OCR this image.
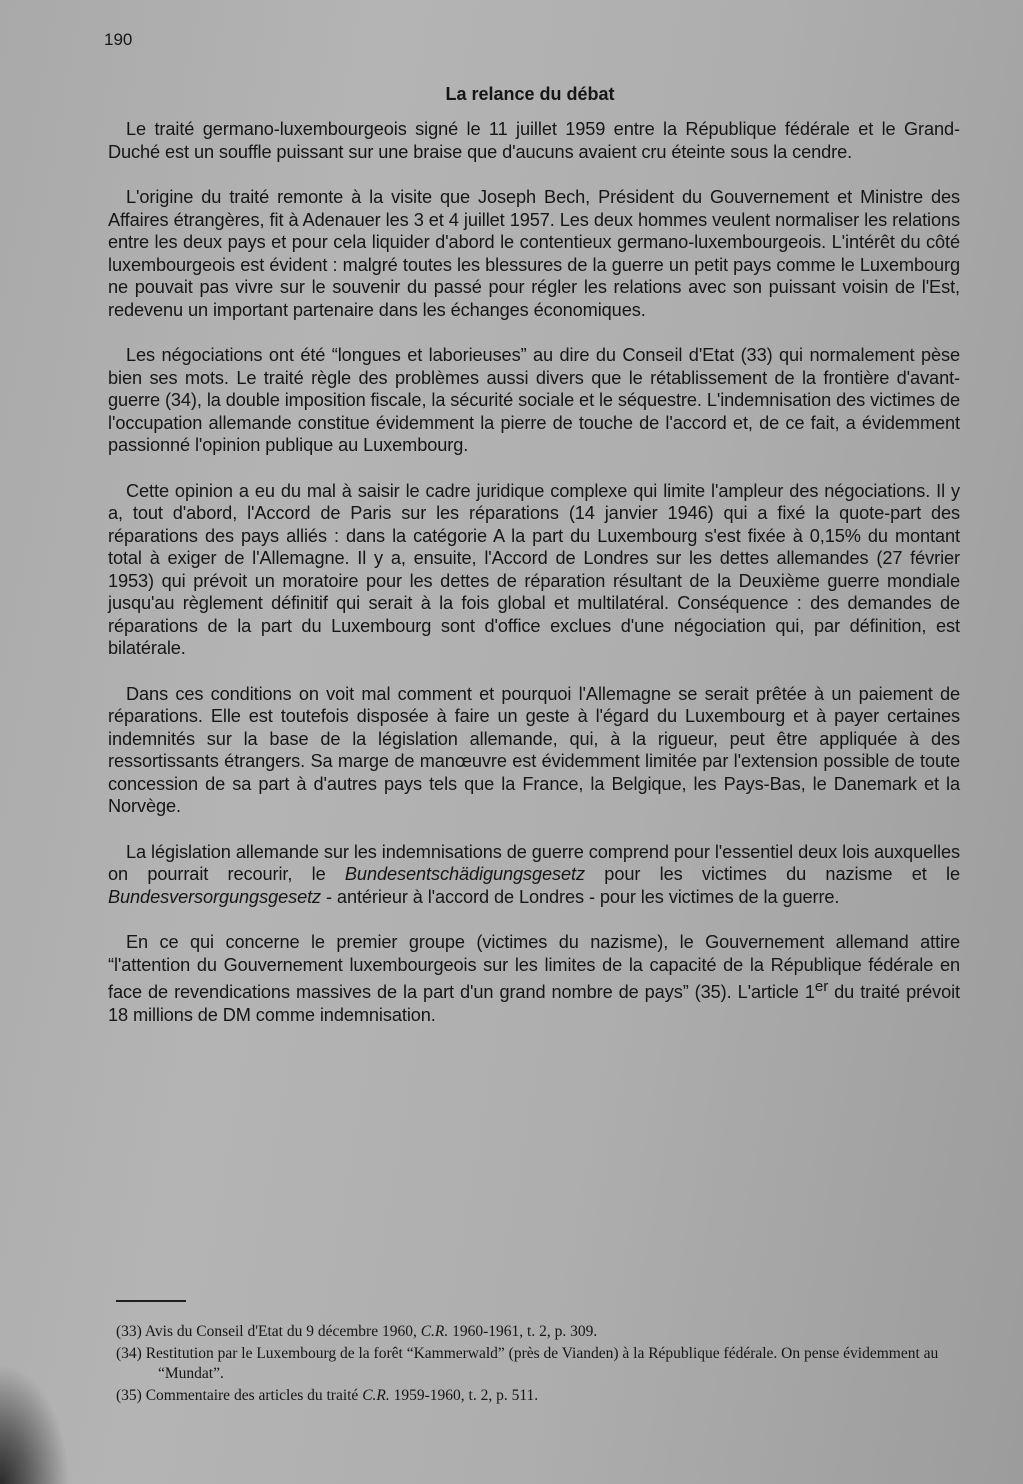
190
La relance du débat

Le traité germano-luxembourgeois signé le 11 juillet 1959 entre la République fédérale et le Grand-Duché est un souffle puissant sur une braise que d'aucuns avaient cru éteinte sous la cendre.

L'origine du traité remonte à la visite que Joseph Bech, Président du Gouvernement et Ministre des Affaires étrangères, fit à Adenauer les 3 et 4 juillet 1957. Les deux hommes veulent normaliser les relations entre les deux pays et pour cela liquider d'abord le contentieux germano-luxembourgeois. L'intérêt du côté luxembourgeois est évident : malgré toutes les blessures de la guerre un petit pays comme le Luxembourg ne pouvait pas vivre sur le souvenir du passé pour régler les relations avec son puissant voisin de l'Est, redevenu un important partenaire dans les échanges économiques.

Les négociations ont été “longues et laborieuses” au dire du Conseil d'Etat (33) qui normalement pèse bien ses mots. Le traité règle des problèmes aussi divers que le rétablissement de la frontière d'avant-guerre (34), la double imposition fiscale, la sécurité sociale et le séquestre. L'indemnisation des victimes de l'occupation allemande constitue évidemment la pierre de touche de l'accord et, de ce fait, a évidemment passionné l'opinion publique au Luxembourg.

Cette opinion a eu du mal à saisir le cadre juridique complexe qui limite l'ampleur des négociations. Il y a, tout d'abord, l'Accord de Paris sur les réparations (14 janvier 1946) qui a fixé la quote-part des réparations des pays alliés : dans la catégorie A la part du Luxembourg s'est fixée à 0,15% du montant total à exiger de l'Allemagne. Il y a, ensuite, l'Accord de Londres sur les dettes allemandes (27 février 1953) qui prévoit un moratoire pour les dettes de réparation résultant de la Deuxième guerre mondiale jusqu'au règlement définitif qui serait à la fois global et multilatéral. Conséquence : des demandes de réparations de la part du Luxembourg sont d'office exclues d'une négociation qui, par définition, est bilatérale.

Dans ces conditions on voit mal comment et pourquoi l'Allemagne se serait prêtée à un paiement de réparations. Elle est toutefois disposée à faire un geste à l'égard du Luxembourg et à payer certaines indemnités sur la base de la législation allemande, qui, à la rigueur, peut être appliquée à des ressortissants étrangers. Sa marge de manœuvre est évidemment limitée par l'extension possible de toute concession de sa part à d'autres pays tels que la France, la Belgique, les Pays-Bas, le Danemark et la Norvège.

La législation allemande sur les indemnisations de guerre comprend pour l'essentiel deux lois auxquelles on pourrait recourir, le Bundesentschädigungsgesetz pour les victimes du nazisme et le Bundesversorgungsgesetz - antérieur à l'accord de Londres - pour les victimes de la guerre.

En ce qui concerne le premier groupe (victimes du nazisme), le Gouvernement allemand attire “l'attention du Gouvernement luxembourgeois sur les limites de la capacité de la République fédérale en face de revendications massives de la part d'un grand nombre de pays” (35). L'article 1er du traité prévoit 18 millions de DM comme indemnisation.

(33) Avis du Conseil d'Etat du 9 décembre 1960, C.R. 1960-1961, t. 2, p. 309.
(34) Restitution par le Luxembourg de la forêt “Kammerwald” (près de Vianden) à la République fédérale. On pense évidemment au “Mundat”.
(35) Commentaire des articles du traité C.R. 1959-1960, t. 2, p. 511.
